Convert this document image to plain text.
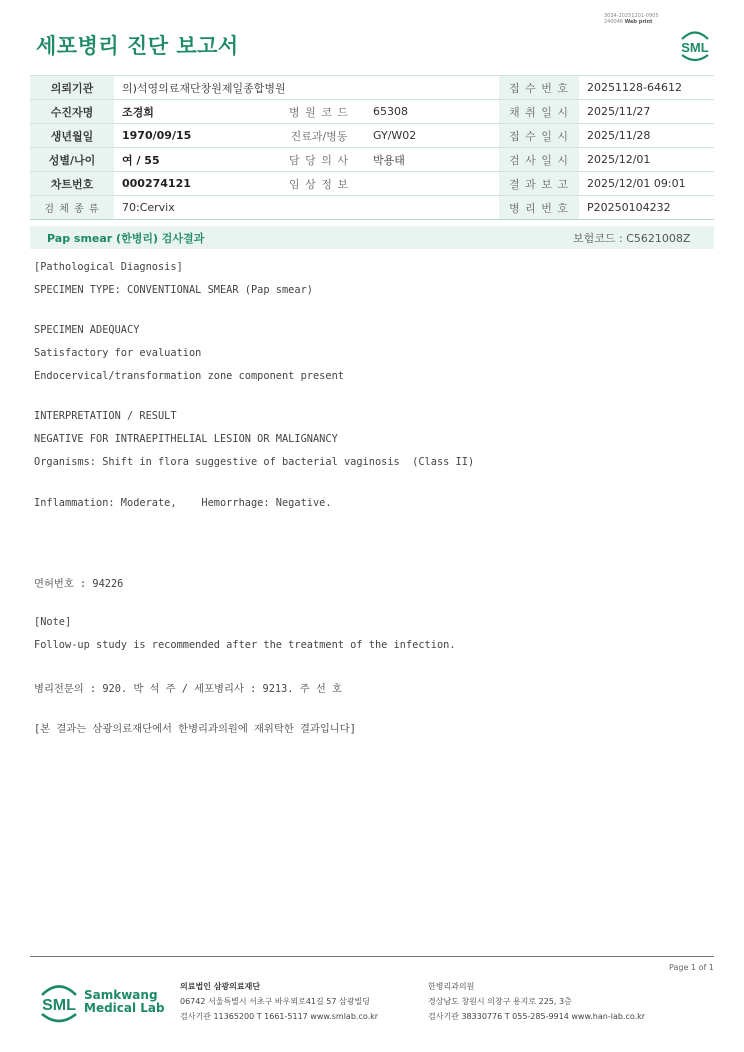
세포병리 진단 보고서
3034-20251201-0905
240046 Web print
SML
의뢰기관	의)석영의료재단창원제일종합병원			접 수 번 호	20251128-64612
수진자명	조경희	병 원 코 드	65308	채 취 일 시	2025/11/27
생년월일	1970/09/15	진료과/병동	GY/W02	접 수 일 시	2025/11/28
성별/나이	여 / 55	담 당 의 사	박용태	검 사 일 시	2025/12/01
차트번호	000274121	임 상 정 보		결 과 보 고	2025/12/01 09:01
검 체 종 류	70:Cervix			병 리 번 호	P20250104232
Pap smear (한병리) 검사결과	보험코드 : C5621008Z
[Pathological Diagnosis]
SPECIMEN TYPE: CONVENTIONAL SMEAR (Pap smear)
SPECIMEN ADEQUACY
Satisfactory for evaluation
Endocervical/transformation zone component present
INTERPRETATION / RESULT
NEGATIVE FOR INTRAEPITHELIAL LESION OR MALIGNANCY
Organisms: Shift in flora suggestive of bacterial vaginosis  (Class II)
Inflammation: Moderate,    Hemorrhage: Negative.
면허번호 : 94226
[Note]
Follow-up study is recommended after the treatment of the infection.
병리전문의 : 920. 박 석 주 / 세포병리사 : 9213. 주 선 호
[본 결과는 삼광의료재단에서 한병리과의원에 재위탁한 결과입니다]
Page 1 of 1
SML
Samkwang
Medical Lab
의료법인 삼광의료재단
06742 서울특별시 서초구 바우뫼로41길 57 삼광빌딩
검사기관 11365200 T 1661-5117 www.smlab.co.kr
한병리과의원
경상남도 창원시 의창구 용지로 225, 3층
검사기관 38330776 T 055-285-9914 www.han-lab.co.kr
